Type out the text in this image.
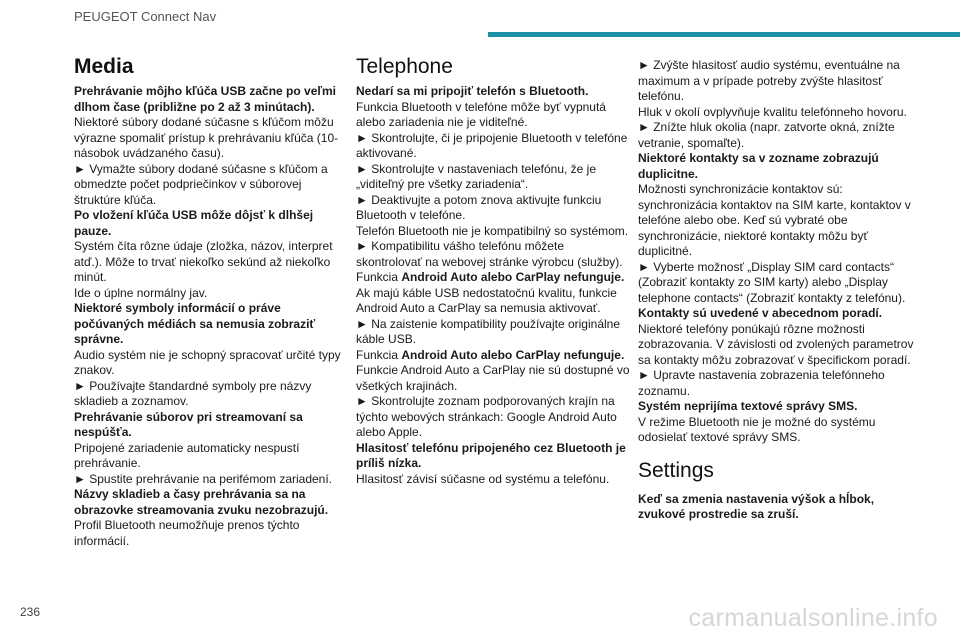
PEUGEOT Connect Nav
Media

Prehrávanie môjho kľúča USB začne po veľmi dlhom čase (približne po 2 až 3 minútach).

Niektoré súbory dodané súčasne s kľúčom môžu výrazne spomaliť prístup k prehrávaniu kľúča (10-násobok uvádzaného času).

► Vymažte súbory dodané súčasne s kľúčom a obmedzte počet podpriečinkov v súborovej štruktúre kľúča.

Po vložení kľúča USB môže dôjsť k dlhšej pauze.

Systém číta rôzne údaje (zložka, názov, interpret atď.). Môže to trvať niekoľko sekúnd až niekoľko minút.

Ide o úplne normálny jav.

Niektoré symboly informácií o práve počúvaných médiách sa nemusia zobraziť správne.

Audio systém nie je schopný spracovať určité typy znakov.

► Používajte štandardné symboly pre názvy skladieb a zoznamov.

Prehrávanie súborov pri streamovaní sa nespúšťa.

Pripojené zariadenie automaticky nespustí prehrávanie.

► Spustite prehrávanie na perifémom zariadení.

Názvy skladieb a časy prehrávania sa na obrazovke streamovania zvuku nezobrazujú.

Profil Bluetooth neumožňuje prenos týchto informácií.

Telephone

Nedarí sa mi pripojiť telefón s Bluetooth.

Funkcia Bluetooth v telefóne môže byť vypnutá alebo zariadenia nie je viditeľné.

► Skontrolujte, či je pripojenie Bluetooth v telefóne aktivované.

► Skontrolujte v nastaveniach telefónu, že je „viditeľný pre všetky zariadenia“.

► Deaktivujte a potom znova aktivujte funkciu Bluetooth v telefóne.

Telefón Bluetooth nie je kompatibilný so systémom.

► Kompatibilitu vášho telefónu môžete skontrolovať na webovej stránke výrobcu (služby).

Funkcia Android Auto alebo CarPlay nefunguje.

Ak majú káble USB nedostatočnú kvalitu, funkcie Android Auto a CarPlay sa nemusia aktivovať.

► Na zaistenie kompatibility používajte originálne káble USB.

Funkcia Android Auto alebo CarPlay nefunguje.

Funkcie Android Auto a CarPlay nie sú dostupné vo všetkých krajinách.

► Skontrolujte zoznam podporovaných krajín na týchto webových stránkach: Google Android Auto alebo Apple.

Hlasitosť telefónu pripojeného cez Bluetooth je príliš nízka.

Hlasitosť závisí súčasne od systému a telefónu.

► Zvýšte hlasitosť audio systému, eventuálne na maximum a v prípade potreby zvýšte hlasitosť telefónu.

Hluk v okolí ovplyvňuje kvalitu telefónneho hovoru.

► Znížte hluk okolia (napr. zatvorte okná, znížte vetranie, spomaľte).

Niektoré kontakty sa v zozname zobrazujú duplicitne.

Možnosti synchronizácie kontaktov sú: synchronizácia kontaktov na SIM karte, kontaktov v telefóne alebo obe. Keď sú vybraté obe synchronizácie, niektoré kontakty môžu byť duplicitné.

► Vyberte možnosť „Display SIM card contacts“ (Zobraziť kontakty zo SIM karty) alebo „Display telephone contacts“ (Zobraziť kontakty z telefónu).

Kontakty sú uvedené v abecednom poradí.

Niektoré telefóny ponúkajú rôzne možnosti zobrazovania. V závislosti od zvolených parametrov sa kontakty môžu zobrazovať v špecifickom poradí.

► Upravte nastavenia zobrazenia telefónneho zoznamu.

Systém neprijíma textové správy SMS.

V režime Bluetooth nie je možné do systému odosielať textové správy SMS.

Settings

Keď sa zmenia nastavenia výšok a hĺbok, zvukové prostredie sa zruší.

236	carmanualsonline.info
